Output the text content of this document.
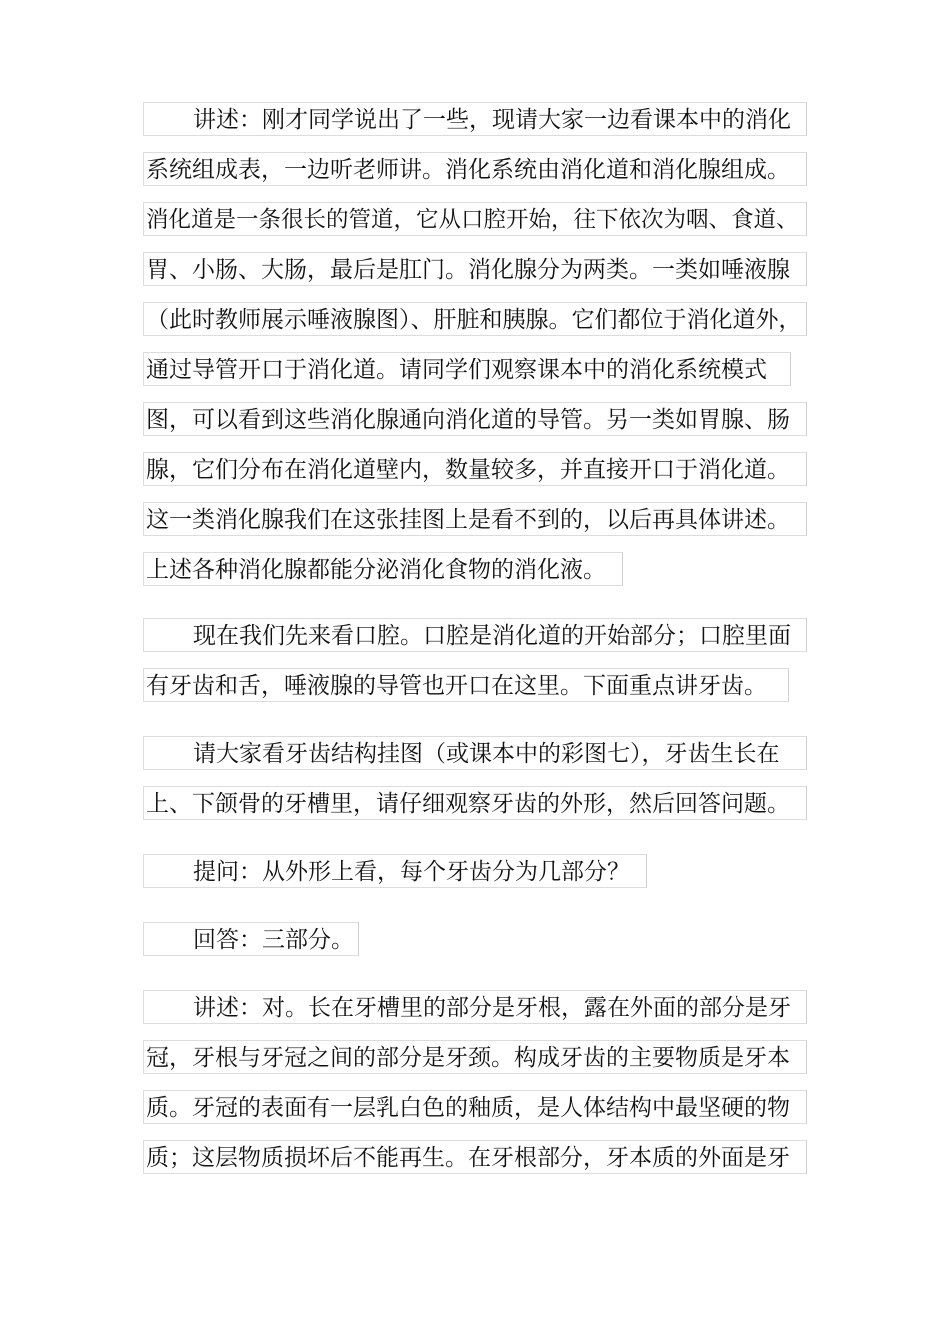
讲述：刚才同学说出了一些，现请大家一边看课本中的消化
系统组成表，一边听老师讲。消化系统由消化道和消化腺组成。
消化道是一条很长的管道，它从口腔开始，往下依次为咽、食道、
胃、小肠、大肠，最后是肛门。消化腺分为两类。一类如唾液腺
（此时教师展示唾液腺图）、肝脏和胰腺。它们都位于消化道外，
通过导管开口于消化道。请同学们观察课本中的消化系统模式
图，可以看到这些消化腺通向消化道的导管。另一类如胃腺、肠
腺，它们分布在消化道壁内，数量较多，并直接开口于消化道。
这一类消化腺我们在这张挂图上是看不到的，以后再具体讲述。
上述各种消化腺都能分泌消化食物的消化液。
现在我们先来看口腔。口腔是消化道的开始部分；口腔里面
有牙齿和舌，唾液腺的导管也开口在这里。下面重点讲牙齿。
请大家看牙齿结构挂图（或课本中的彩图七），牙齿生长在
上、下颌骨的牙槽里，请仔细观察牙齿的外形，然后回答问题。
提问：从外形上看，每个牙齿分为几部分？
回答：三部分。
讲述：对。长在牙槽里的部分是牙根，露在外面的部分是牙
冠，牙根与牙冠之间的部分是牙颈。构成牙齿的主要物质是牙本
质。牙冠的表面有一层乳白色的釉质，是人体结构中最坚硬的物
质；这层物质损坏后不能再生。在牙根部分，牙本质的外面是牙
